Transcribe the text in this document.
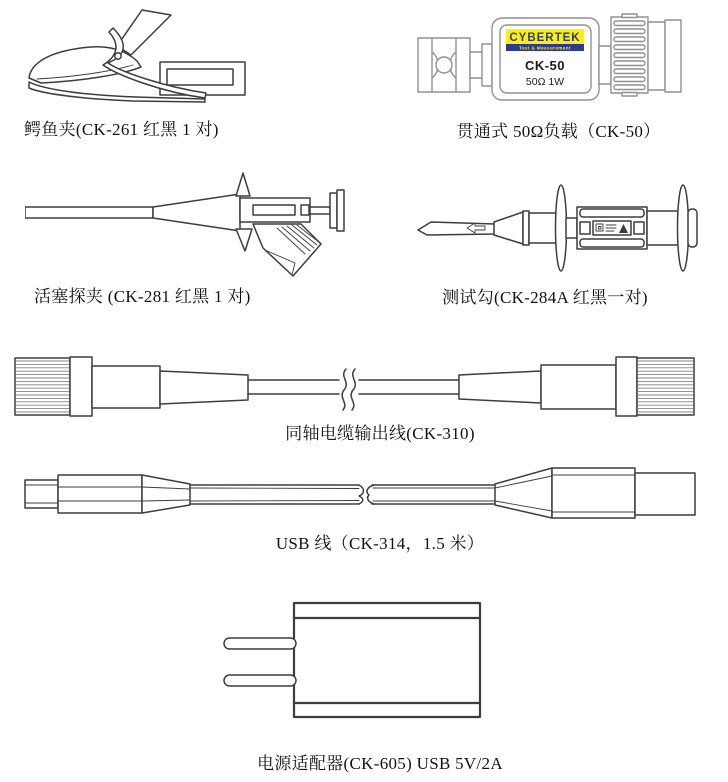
鳄鱼夹(CK-261 红黑 1 对)
CYBERTEK
Test & Measurement
CK-50
50Ω 1W
贯通式 50Ω负载（CK-50）
活塞探夹 (CK-281 红黑 1 对)	测试勾(CK-284A 红黑一对)
同轴电缆输出线(CK-310)
USB 线（CK-314，1.5 米）
电源适配器(CK-605) USB 5V/2A
